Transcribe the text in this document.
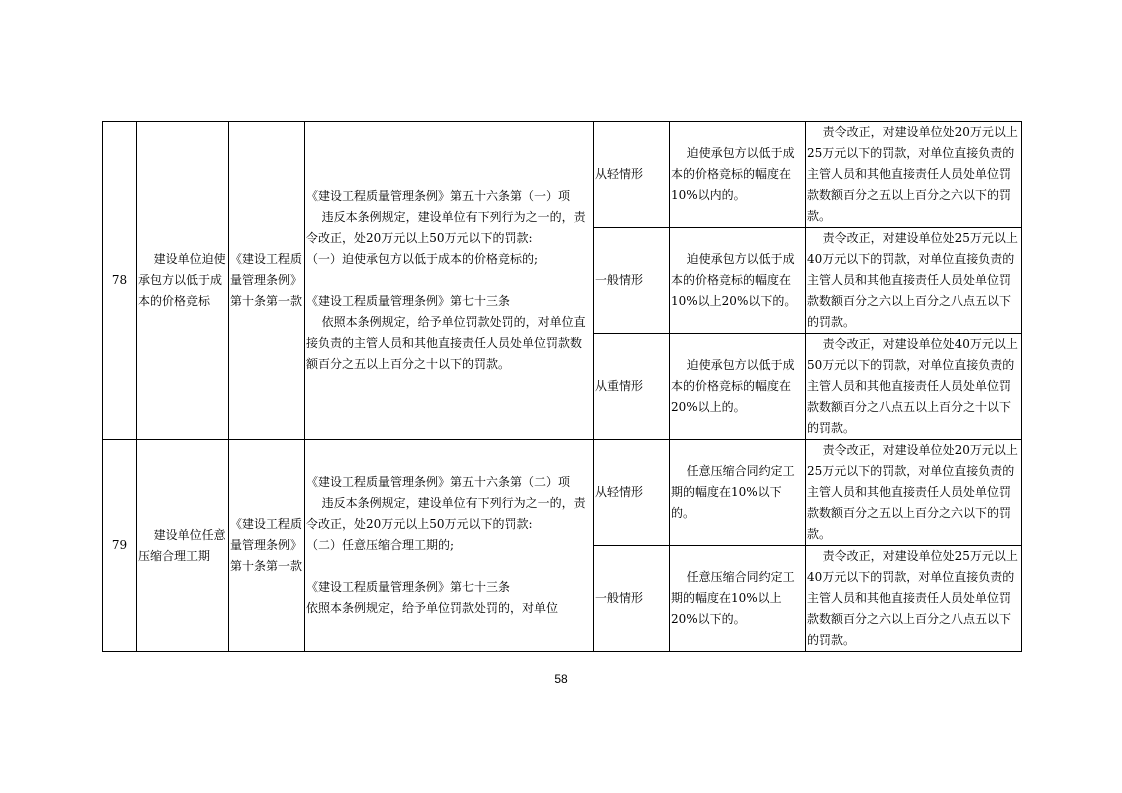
78	建设单位迫使承包方以低于成本的价格竞标	《建设工程质量管理条例》第十条第一款	《建设工程质量管理条例》第五十六条第（一）项

违反本条例规定，建设单位有下列行为之一的，责令改正，处20万元以上50万元以下的罚款:

（一）迫使承包方以低于成本的价格竞标的;

《建设工程质量管理条例》第七十三条

依照本条例规定，给予单位罚款处罚的，对单位直接负责的主管人员和其他直接责任人员处单位罚款数额百分之五以上百分之十以下的罚款。	从轻情形	迫使承包方以低于成本的价格竞标的幅度在10%以内的。	责令改正，对建设单位处20万元以上25万元以下的罚款，对单位直接负责的主管人员和其他直接责任人员处单位罚款数额百分之五以上百分之六以下的罚款。
				一般情形	迫使承包方以低于成本的价格竞标的幅度在10%以上20%以下的。	责令改正，对建设单位处25万元以上40万元以下的罚款，对单位直接负责的主管人员和其他直接责任人员处单位罚款数额百分之六以上百分之八点五以下的罚款。
				从重情形	迫使承包方以低于成本的价格竞标的幅度在20%以上的。	责令改正，对建设单位处40万元以上50万元以下的罚款，对单位直接负责的主管人员和其他直接责任人员处单位罚款数额百分之八点五以上百分之十以下的罚款。
79	建设单位任意压缩合理工期	《建设工程质量管理条例》第十条第一款	《建设工程质量管理条例》第五十六条第（二）项

违反本条例规定，建设单位有下列行为之一的，责令改正，处20万元以上50万元以下的罚款:

（二）任意压缩合理工期的;

《建设工程质量管理条例》第七十三条

依照本条例规定，给予单位罚款处罚的，对单位	从轻情形	任意压缩合同约定工期的幅度在10%以下的。	责令改正，对建设单位处20万元以上25万元以下的罚款，对单位直接负责的主管人员和其他直接责任人员处单位罚款数额百分之五以上百分之六以下的罚款。
				一般情形	任意压缩合同约定工期的幅度在10%以上20%以下的。	责令改正，对建设单位处25万元以上40万元以下的罚款，对单位直接负责的主管人员和其他直接责任人员处单位罚款数额百分之六以上百分之八点五以下的罚款。
58
